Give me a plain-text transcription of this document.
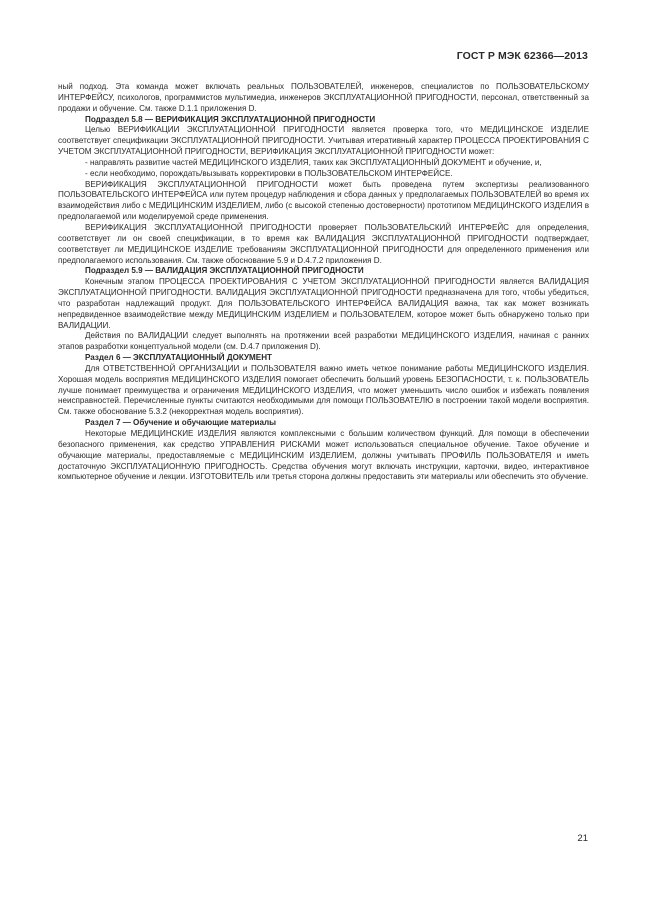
ГОСТ Р МЭК 62366—2013

ный подход. Эта команда может включать реальных ПОЛЬЗОВАТЕЛЕЙ, инженеров, специалистов по ПОЛЬЗОВАТЕЛЬСКОМУ ИНТЕРФЕЙСУ, психологов, программистов мультимедиа, инженеров ЭКСПЛУАТАЦИОННОЙ ПРИГОДНОСТИ, персонал, ответственный за продажи и обучение. См. также D.1.1 приложения D.

Подраздел 5.8 — ВЕРИФИКАЦИЯ ЭКСПЛУАТАЦИОННОЙ ПРИГОДНОСТИ

Целью ВЕРИФИКАЦИИ ЭКСПЛУАТАЦИОННОЙ ПРИГОДНОСТИ является проверка того, что МЕДИЦИНСКОЕ ИЗДЕЛИЕ соответствует спецификации ЭКСПЛУАТАЦИОННОЙ ПРИГОДНОСТИ. Учитывая итеративный характер ПРОЦЕССА ПРОЕКТИРОВАНИЯ С УЧЕТОМ ЭКСПЛУАТАЦИОННОЙ ПРИГОДНОСТИ, ВЕРИФИКАЦИЯ ЭКСПЛУАТАЦИОННОЙ ПРИГОДНОСТИ может:

- направлять развитие частей МЕДИЦИНСКОГО ИЗДЕЛИЯ, таких как ЭКСПЛУАТАЦИОННЫЙ ДОКУМЕНТ и обучение, и,

- если необходимо, порождать/вызывать корректировки в ПОЛЬЗОВАТЕЛЬСКОМ ИНТЕРФЕЙСЕ.

ВЕРИФИКАЦИЯ ЭКСПЛУАТАЦИОННОЙ ПРИГОДНОСТИ может быть проведена путем экспертизы реализованного ПОЛЬЗОВАТЕЛЬСКОГО ИНТЕРФЕЙСА или путем процедур наблюдения и сбора данных у предполагаемых ПОЛЬЗОВАТЕЛЕЙ во время их взаимодействия либо с МЕДИЦИНСКИМ ИЗДЕЛИЕМ, либо (с высокой степенью достоверности) прототипом МЕДИЦИНСКОГО ИЗДЕЛИЯ в предполагаемой или моделируемой среде применения.

ВЕРИФИКАЦИЯ ЭКСПЛУАТАЦИОННОЙ ПРИГОДНОСТИ проверяет ПОЛЬЗОВАТЕЛЬСКИЙ ИНТЕРФЕЙС для определения, соответствует ли он своей спецификации, в то время как ВАЛИДАЦИЯ ЭКСПЛУАТАЦИОННОЙ ПРИГОДНОСТИ подтверждает, соответствует ли МЕДИЦИНСКОЕ ИЗДЕЛИЕ требованиям ЭКСПЛУАТАЦИОННОЙ ПРИГОДНОСТИ для определенного применения или предполагаемого использования. См. также обоснование 5.9 и D.4.7.2 приложения D.

Подраздел 5.9 — ВАЛИДАЦИЯ ЭКСПЛУАТАЦИОННОЙ ПРИГОДНОСТИ

Конечным этапом ПРОЦЕССА ПРОЕКТИРОВАНИЯ С УЧЕТОМ ЭКСПЛУАТАЦИОННОЙ ПРИГОДНОСТИ является ВАЛИДАЦИЯ ЭКСПЛУАТАЦИОННОЙ ПРИГОДНОСТИ. ВАЛИДАЦИЯ ЭКСПЛУАТАЦИОННОЙ ПРИГОДНОСТИ предназначена для того, чтобы убедиться, что разработан надлежащий продукт. Для ПОЛЬЗОВАТЕЛЬСКОГО ИНТЕРФЕЙСА ВАЛИДАЦИЯ важна, так как может возникать непредвиденное взаимодействие между МЕДИЦИНСКИМ ИЗДЕЛИЕМ и ПОЛЬЗОВАТЕЛЕМ, которое может быть обнаружено только при ВАЛИДАЦИИ.

Действия по ВАЛИДАЦИИ следует выполнять на протяжении всей разработки МЕДИЦИНСКОГО ИЗДЕЛИЯ, начиная с ранних этапов разработки концептуальной модели (см. D.4.7 приложения D).

Раздел 6 — ЭКСПЛУАТАЦИОННЫЙ ДОКУМЕНТ

Для ОТВЕТСТВЕННОЙ ОРГАНИЗАЦИИ и ПОЛЬЗОВАТЕЛЯ важно иметь четкое понимание работы МЕДИЦИНСКОГО ИЗДЕЛИЯ. Хорошая модель восприятия МЕДИЦИНСКОГО ИЗДЕЛИЯ помогает обеспечить больший уровень БЕЗОПАСНОСТИ, т. к. ПОЛЬЗОВАТЕЛЬ лучше понимает преимущества и ограничения МЕДИЦИНСКОГО ИЗДЕЛИЯ, что может уменьшить число ошибок и избежать появления неисправностей. Перечисленные пункты считаются необходимыми для помощи ПОЛЬЗОВАТЕЛЮ в построении такой модели восприятия. См. также обоснование 5.3.2 (некорректная модель восприятия).

Раздел 7 — Обучение и обучающие материалы

Некоторые МЕДИЦИНСКИЕ ИЗДЕЛИЯ являются комплексными с большим количеством функций. Для помощи в обеспечении безопасного применения, как средство УПРАВЛЕНИЯ РИСКАМИ может использоваться специальное обучение. Такое обучение и обучающие материалы, предоставляемые с МЕДИЦИНСКИМ ИЗДЕЛИЕМ, должны учитывать ПРОФИЛЬ ПОЛЬЗОВАТЕЛЯ и иметь достаточную ЭКСПЛУАТАЦИОННУЮ ПРИГОДНОСТЬ. Средства обучения могут включать инструкции, карточки, видео, интерактивное компьютерное обучение и лекции. ИЗГОТОВИТЕЛЬ или третья сторона должны предоставить эти материалы или обеспечить это обучение.

21
